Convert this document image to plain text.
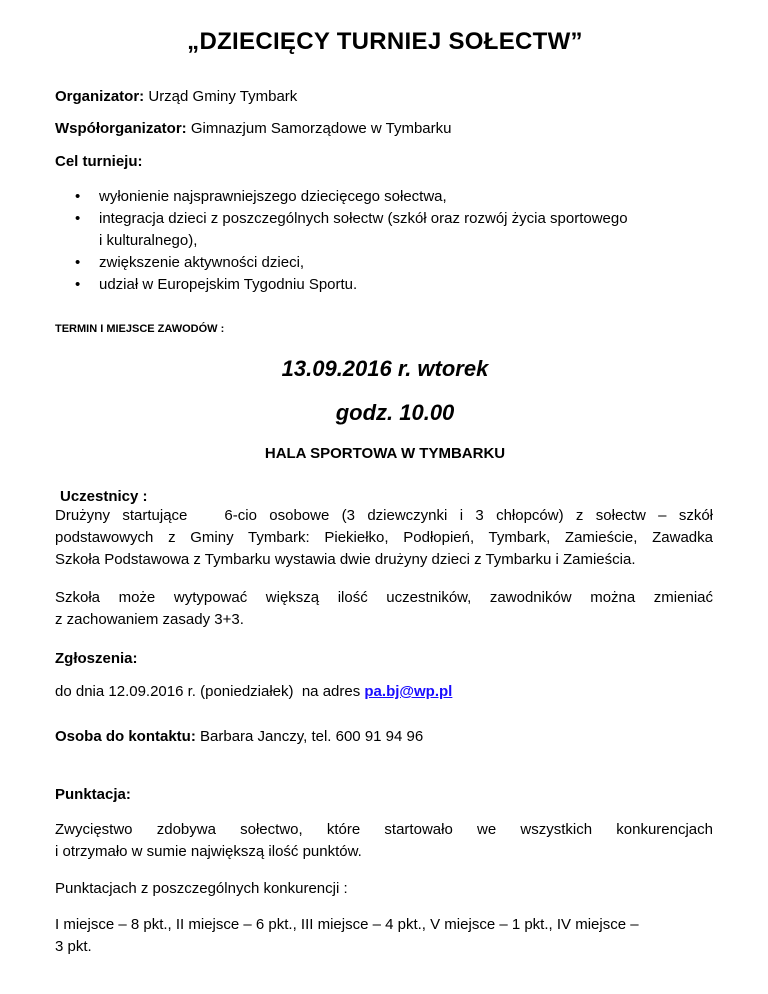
„DZIECIĘCY TURNIEJ SOŁECTW”
Organizator: Urząd Gminy Tymbark
Współorganizator: Gimnazjum Samorządowe w Tymbarku
Cel turnieju:
• wyłonienie najsprawniejszego dziecięcego sołectwa,
• integracja dzieci z poszczególnych sołectw (szkół oraz rozwój życia sportowego
i kulturalnego),
• zwiększenie aktywności dzieci,
• udział w Europejskim Tygodniu Sportu.
TERMIN I MIEJSCE ZAWODÓW :
13.09.2016 r. wtorek
godz. 10.00
HALA SPORTOWA W TYMBARKU
Uczestnicy :
Drużyny startujące   6-cio osobowe (3 dziewczynki i 3 chłopców) z sołectw – szkół
podstawowych z Gminy Tymbark: Piekiełko, Podłopień, Tymbark, Zamieście, Zawadka
Szkoła Podstawowa z Tymbarku wystawia dwie drużyny dzieci z Tymbarku i Zamieścia.
Szkoła może wytypować większą ilość uczestników, zawodników można zmieniać
z zachowaniem zasady 3+3.
Zgłoszenia:
do dnia 12.09.2016 r. (poniedziałek)  na adres pa.bj@wp.pl
Osoba do kontaktu: Barbara Janczy, tel. 600 91 94 96
Punktacja:
Zwycięstwo zdobywa sołectwo, które startowało we wszystkich konkurencjach
i otrzymało w sumie największą ilość punktów.
Punktacjach z poszczególnych konkurencji :
I miejsce – 8 pkt., II miejsce – 6 pkt., III miejsce – 4 pkt., V miejsce – 1 pkt., IV miejsce –
3 pkt.
